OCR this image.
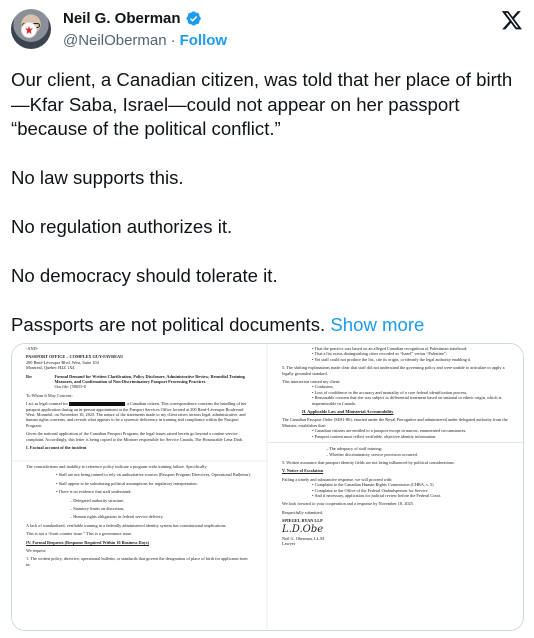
Neil G. Oberman
@NeilOberman · Follow

Our client, a Canadian citizen, was told that her place of birth—Kfar Saba, Israel—could not appear on her passport “because of the political conflict.”

No law supports this.

No regulation authorizes it.

No democracy should tolerate it.

Passports are not political documents. Show more

-AND-
PASSPORT OFFICE – COMPLEX GUY-FAVREAU
200 René-Lévesque Blvd. West, Suite 104
Montréal, Quebec H2Z 1X4
Re:	Formal Demand for Written Clarification, Policy Disclosure, Administrative Review, Remedial Training Measures, and Confirmation of Non-Discriminatory Passport Processing Practices
Our file: [58655-0
To Whom It May Concern:
I act as legal counsel for	, a Canadian citizen. This correspondence concerns the handling of her passport application during an in-person appointment at the Passport Services Office located at 200 René-Lévesque Boulevard West, Montréal, on November 10, 2025. The nature of the statements made to my client raises serious legal, administrative, and human rights concerns, and reveals what appears to be a systemic deficiency in training and compliance within the Passport Program.
Given the national application of the Canadian Passport Program, the legal issues raised herein go beyond a routine service complaint. Accordingly, this letter is being copied to the Minister responsible for Service Canada, The Honourable Lena Diab.
I. Factual account of the incident
The contradictions and inability to reference policy indicate a program-wide training failure. Specifically:
• Staff are not being trained to rely on authoritative sources (Passport Program Directives, Operational Bulletins).
• Staff appear to be substituting political assumptions for regulatory interpretation.
• There is no evidence that staff understand:
– Delegated authority structure,
– Statutory limits on discretion,
– Human rights obligations in federal service delivery.
A lack of standardized, verifiable training in a federally administered identity system has constitutional implications.
This is not a “front counter issue.” This is a governance issue.
IV. Formal Requests (Response Required Within 10 Business Days)
We request:
1. The written policy, directive, operational bulletin, or standards that govern the designation of place of birth for applicants born in:
• That the practice was based on an alleged Canadian recognition of Palestinian statehood;
• That a list exists distinguishing cities recorded as “Israel” versus “Palestine”;
• Yet staff could not produce the list, cite its origin, or identify the legal authority enabling it.
5. The shifting explanations made clear that staff did not understand the governing policy and were unable to articulate or apply a legally grounded standard.
This interaction caused my client:
• Confusion,
• Loss of confidence in the accuracy and neutrality of a core federal identification process,
• Reasonable concern that she was subject to differential treatment based on national or ethnic origin, which is impermissible in Canada.
II. Applicable Law and Ministerial Accountability
The Canadian Passport Order (SI/81-86), enacted under the Royal Prerogative and administered under delegated authority from the Minister, establishes that:
• Canadian citizens are entitled to a passport except in narrow, enumerated circumstances.
• Passport content must reflect verifiable, objective identity information.
– The adequacy of staff training;
– Whether discriminatory service provision occurred.
5. Written assurance that passport identity fields are not being influenced by political considerations.
V. Notice of Escalation
Failing a timely and substantive response, we will proceed with:
• Complaint to the Canadian Human Rights Commission (CHRA, s. 5)
• Complaint to the Office of the Federal Ombudsperson for Service
• And if necessary, application for judicial review before the Federal Court.
We look forward to your cooperation and a response by November 18, 2025.
Respectfully submitted,
SPIEGEL RYAN LLP
L.D.Obe
Neil G. Oberman, LL.M.
Lawyer
